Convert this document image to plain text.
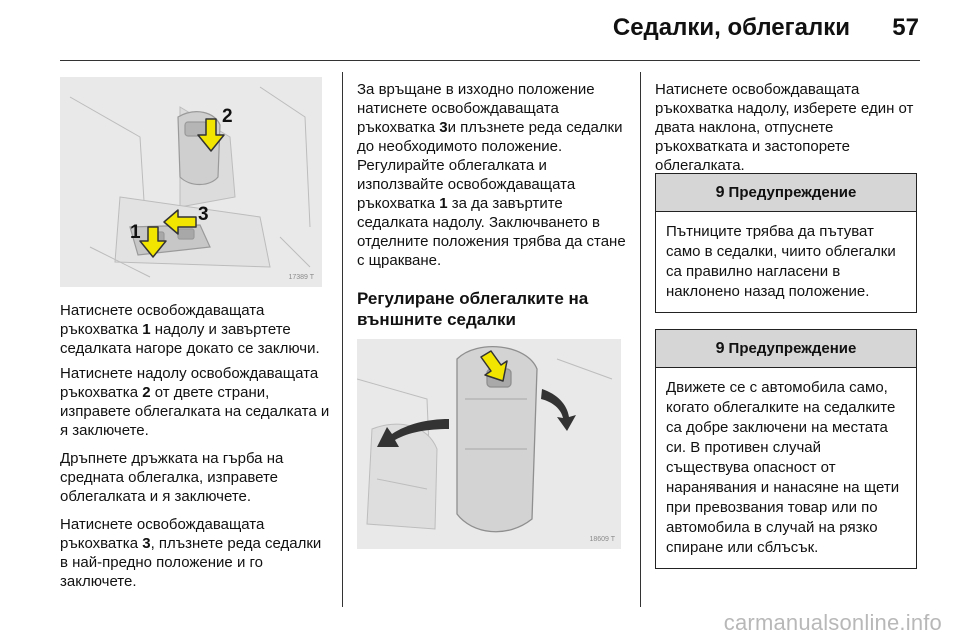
Седалки, облегалки	57
2
3
1
17389 T

Натиснете освобождаващата ръкохватка 1 надолу и завъртете седалката нагоре докато се заключи.

Натиснете надолу освобождаващата ръкохватка 2 от двете страни, изправете облегалката на седалката и я заключете.

Дръпнете дръжката на гърба на средната облегалка, изправете облегалката и я заключете.

Натиснете освобождаващата ръкохватка 3, плъзнете реда седалки в най-предно положение и го заключете.

За връщане в изходно положение натиснете освобождаващата ръкохватка 3и плъзнете реда седалки до необходимото положение. Регулирайте облегалката и използвайте освобождаващата ръкохватка 1 за да завъртите седалката надолу. Заключването в отделните положения трябва да стане с щракване.

Регулиране облегалките на външните седалки
18609 T

Натиснете освобождаващата ръкохватка надолу, изберете един от двата наклона, отпуснете ръкохватката и застопорете облегалката.

9 Предупреждение
Пътниците трябва да пътуват само в седалки, чиито облегалки са правилно нагласени в наклонено назад положение.
9 Предупреждение
Движете се с автомобила само, когато облегалките на седалките са добре заключени на местата си. В противен случай съществува опасност от наранявания и нанасяне на щети при превозвания товар или по автомобила в случай на рязко спиране или сблъсък.
carmanualsonline.info
